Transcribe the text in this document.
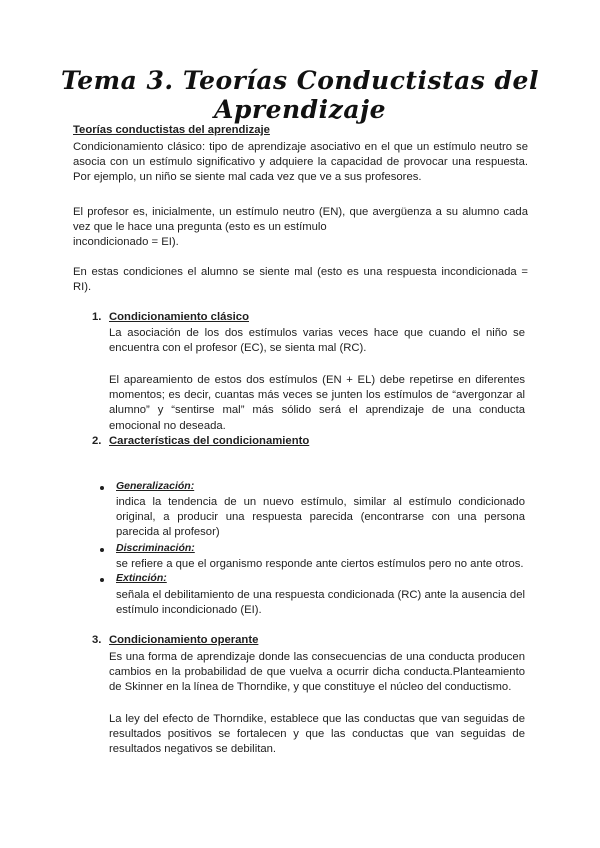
Tema 3. Teorías Conductistas del Aprendizaje
Teorías conductistas del aprendizaje
Condicionamiento clásico: tipo de aprendizaje asociativo en el que un estímulo neutro se asocia con un estímulo significativo y adquiere la capacidad de provocar una respuesta. Por ejemplo, un niño se siente mal cada vez que ve a sus profesores.
El profesor es, inicialmente, un estímulo neutro (EN), que avergüenza a su alumno cada vez que le hace una pregunta (esto es un estímulo
incondicionado = EI).
En estas condiciones el alumno se siente mal (esto es una respuesta incondicionada = RI).
1. Condicionamiento clásico
La asociación de los dos estímulos varias veces hace que cuando el niño se encuentra con el profesor (EC), se sienta mal (RC).
El apareamiento de estos dos estímulos (EN + EL) debe repetirse en diferentes momentos; es decir, cuantas más veces se junten los estímulos de “avergonzar al alumno” y “sentirse mal” más sólido será el aprendizaje de una conducta emocional no deseada.
2. Características del condicionamiento
Generalización:
indica la tendencia de un nuevo estímulo, similar al estímulo condicionado original, a producir una respuesta parecida (encontrarse con una persona parecida al profesor)
Discriminación:
se refiere a que el organismo responde ante ciertos estímulos pero no ante otros.
Extinción:
señala el debilitamiento de una respuesta condicionada (RC) ante la ausencia del estímulo incondicionado (EI).
3. Condicionamiento operante
Es una forma de aprendizaje donde las consecuencias de una conducta producen cambios en la probabilidad de que vuelva a ocurrir dicha conducta.Planteamiento de Skinner en la línea de Thorndike, y que constituye el núcleo del conductismo.
La ley del efecto de Thorndike, establece que las conductas que van seguidas de resultados positivos se fortalecen y que las conductas que van seguidas de resultados negativos se debilitan.
